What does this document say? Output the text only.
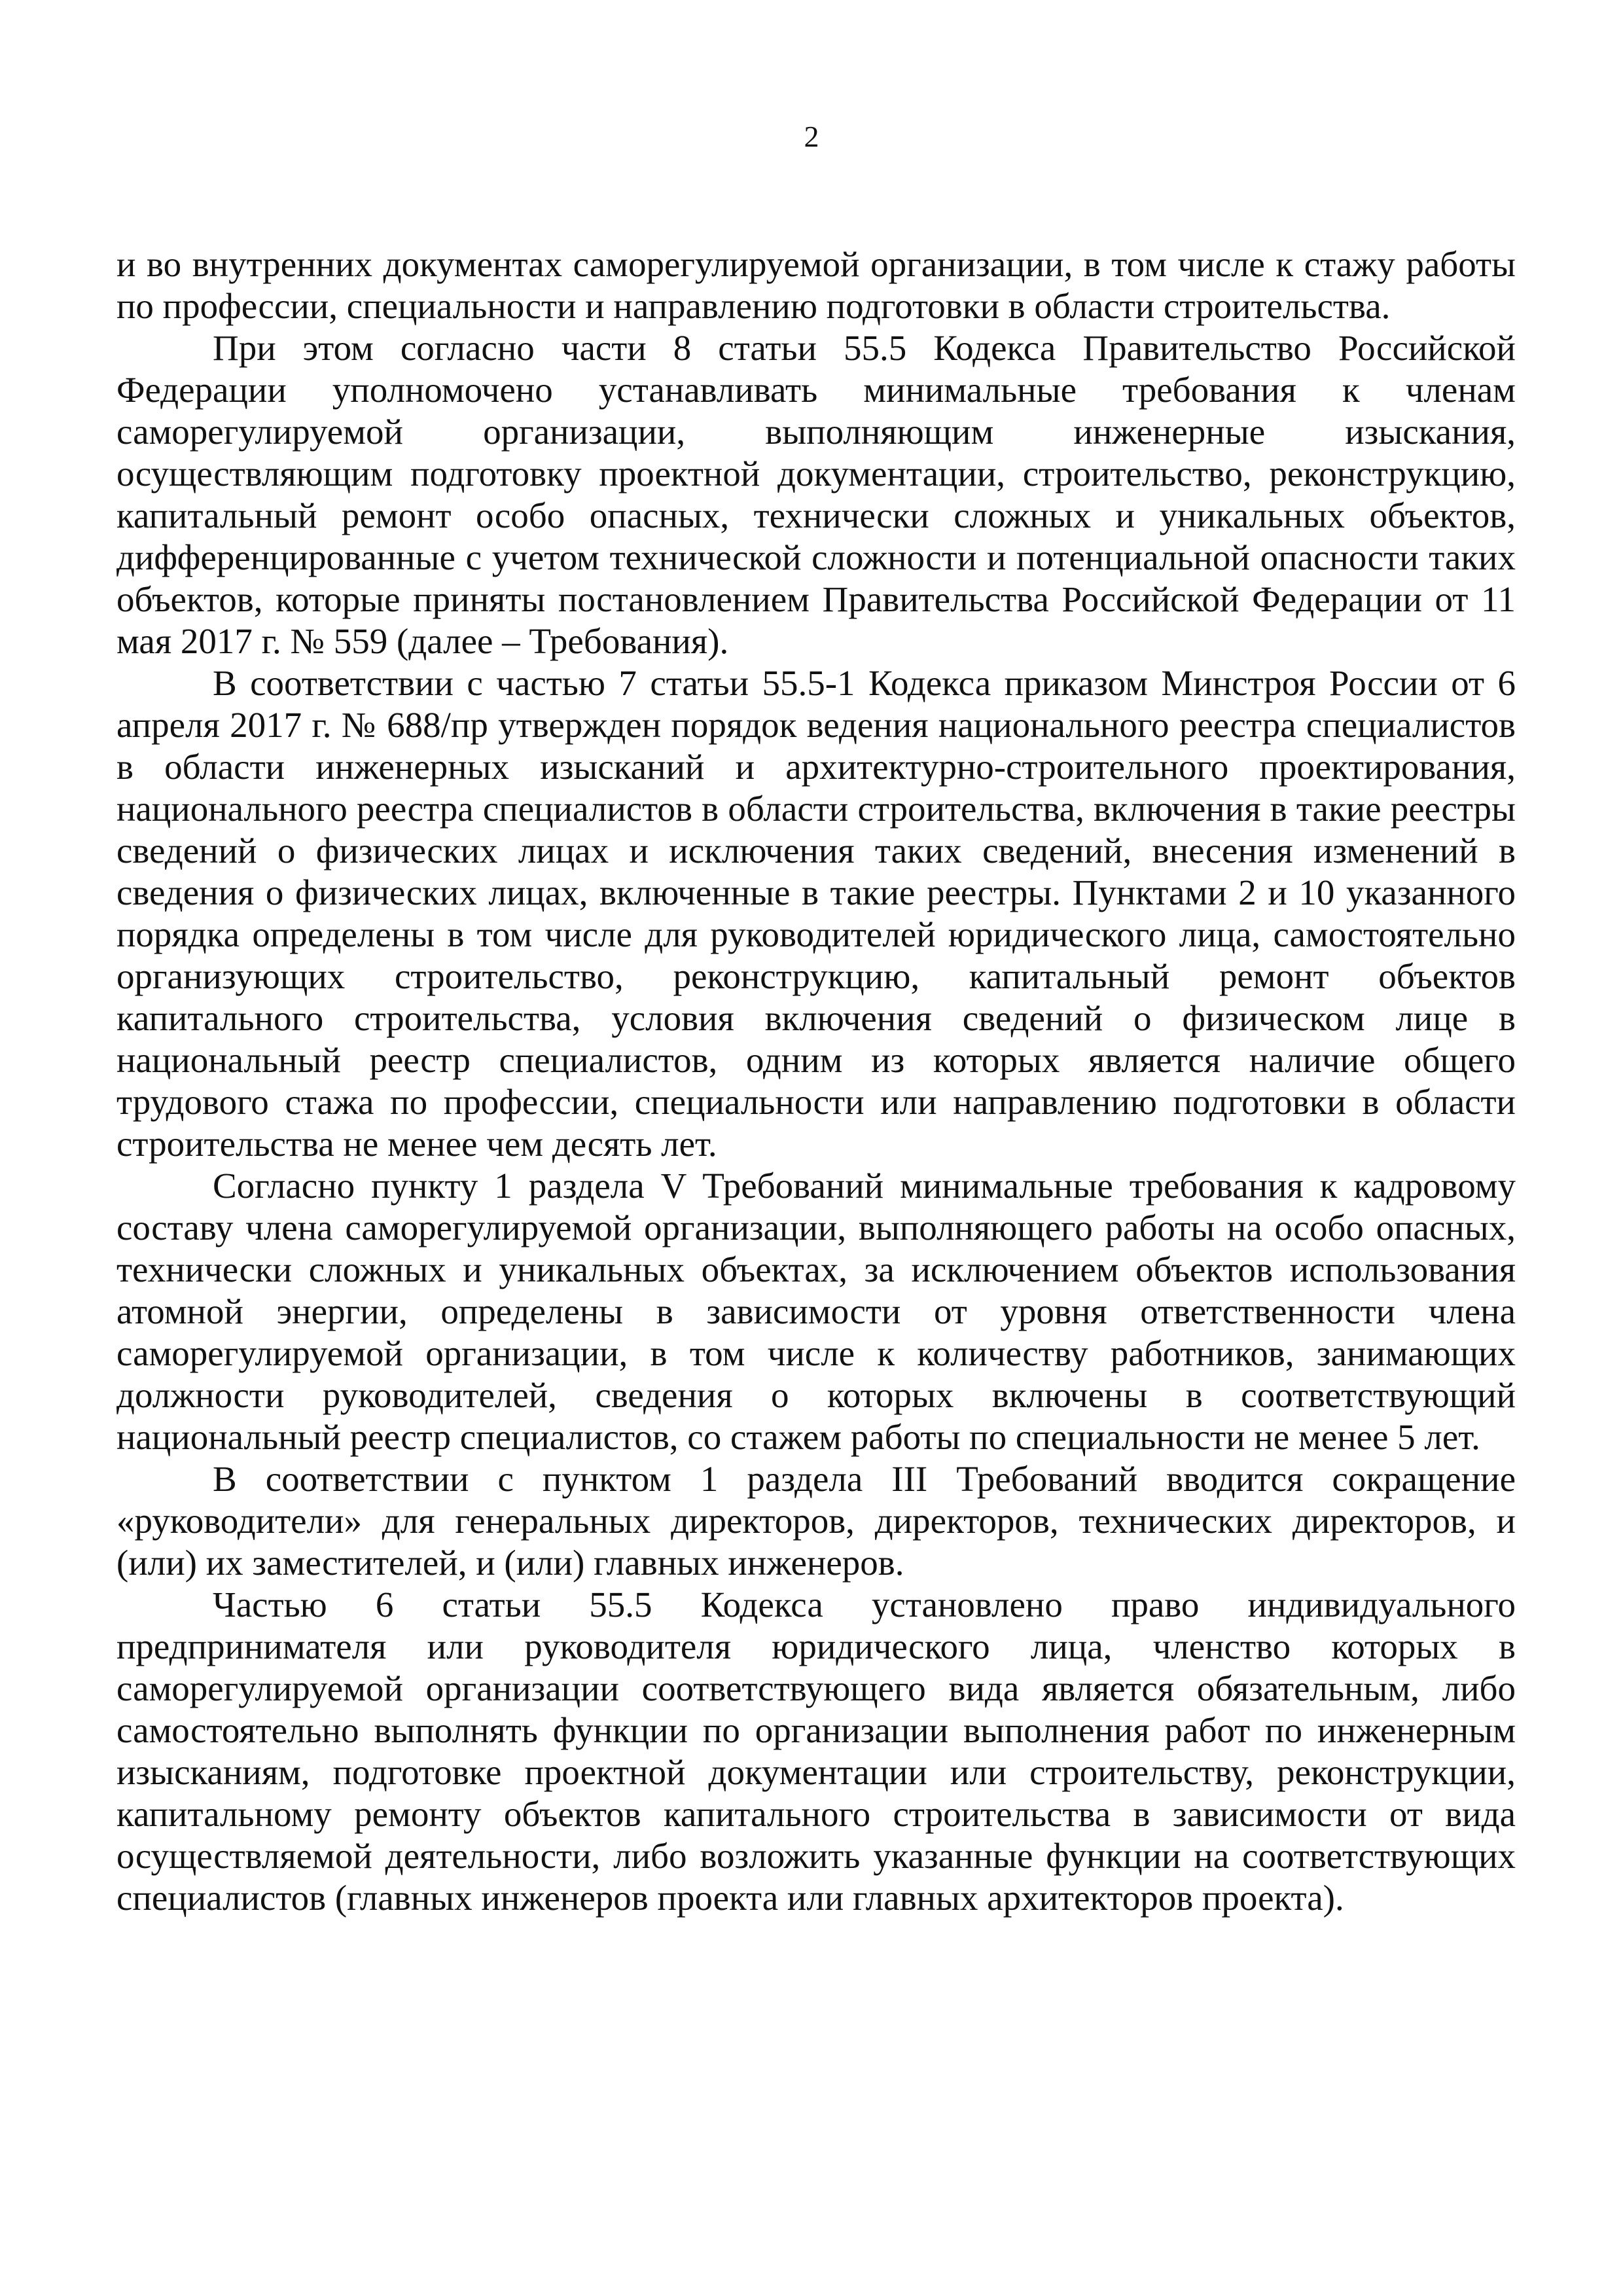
2

и во внутренних документах саморегулируемой организации, в том числе к стажу работы по профессии, специальности и направлению подготовки в области строительства.

При этом согласно части 8 статьи 55.5 Кодекса Правительство Российской Федерации уполномочено устанавливать минимальные требования к членам саморегулируемой организации, выполняющим инженерные изыскания, осуществляющим подготовку проектной документации, строительство, реконструкцию, капитальный ремонт особо опасных, технически сложных и уникальных объектов, дифференцированные с учетом технической сложности и потенциальной опасности таких объектов, которые приняты постановлением Правительства Российской Федерации от 11 мая 2017 г. № 559 (далее – Требования).

В соответствии с частью 7 статьи 55.5-1 Кодекса приказом Минстроя России от 6 апреля 2017 г. № 688/пр утвержден порядок ведения национального реестра специалистов в области инженерных изысканий и архитектурно-строительного проектирования, национального реестра специалистов в области строительства, включения в такие реестры сведений о физических лицах и исключения таких сведений, внесения изменений в сведения о физических лицах, включенные в такие реестры. Пунктами 2 и 10 указанного порядка определены в том числе для руководителей юридического лица, самостоятельно организующих строительство, реконструкцию, капитальный ремонт объектов капитального строительства, условия включения сведений о физическом лице в национальный реестр специалистов, одним из которых является наличие общего трудового стажа по профессии, специальности или направлению подготовки в области строительства не менее чем десять лет.

Согласно пункту 1 раздела V Требований минимальные требования к кадровому составу члена саморегулируемой организации, выполняющего работы на особо опасных, технически сложных и уникальных объектах, за исключением объектов использования атомной энергии, определены в зависимости от уровня ответственности члена саморегулируемой организации, в том числе к количеству работников, занимающих должности руководителей, сведения о которых включены в соответствующий национальный реестр специалистов, со стажем работы по специальности не менее 5 лет.

В соответствии с пунктом 1 раздела III Требований вводится сокращение «руководители» для генеральных директоров, директоров, технических директоров, и (или) их заместителей, и (или) главных инженеров.

Частью 6 статьи 55.5 Кодекса установлено право индивидуального предпринимателя или руководителя юридического лица, членство которых в саморегулируемой организации соответствующего вида является обязательным, либо самостоятельно выполнять функции по организации выполнения работ по инженерным изысканиям, подготовке проектной документации или строительству, реконструкции, капитальному ремонту объектов капитального строительства в зависимости от вида осуществляемой деятельности, либо возложить указанные функции на соответствующих специалистов (главных инженеров проекта или главных архитекторов проекта).
